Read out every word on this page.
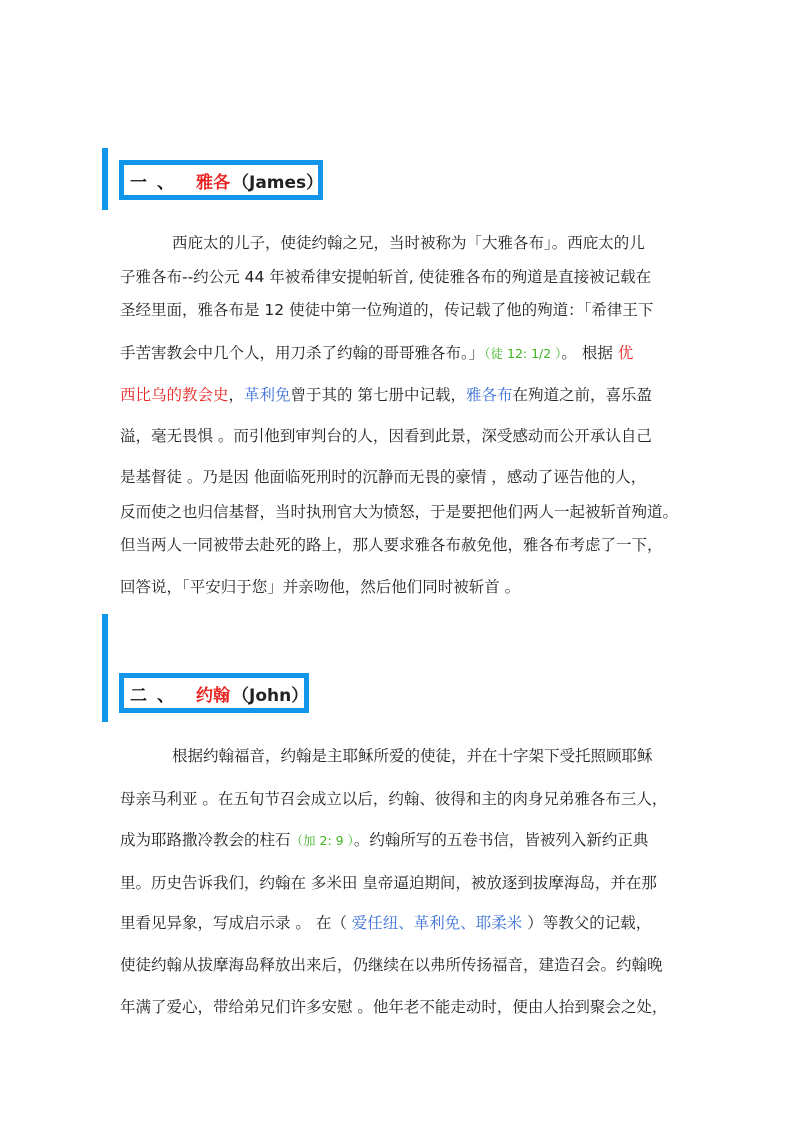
一 、 雅各 （James）
西庇太的儿子，使徒约翰之兄，当时被称为「大雅各布」。西庇太的儿
子雅各布--约公元 44 年被希律安提帕斩首, 使徒雅各布的殉道是直接被记载在
圣经里面，雅各布是 12 使徒中第一位殉道的，传记载了他的殉道：「希律王下
手苦害教会中几个人，用刀杀了约翰的哥哥雅各布。」（徒 12: 1/2 ）。 根据 优
西比乌的教会史，革利免曾于其的 第七册中记载，雅各布在殉道之前，喜乐盈
溢，毫无畏惧 。而引他到审判台的人，因看到此景，深受感动而公开承认自己
是基督徒 。乃是因 他面临死刑时的沉静而无畏的豪情 ，感动了诬告他的人，
反而使之也归信基督，当时执刑官大为愤怒，于是要把他们两人一起被斩首殉道。
但当两人一同被带去赴死的路上，那人要求雅各布赦免他，雅各布考虑了一下，
回答说，「平安归于您」并亲吻他，然后他们同时被斩首 。
二 、 约翰 （John）
根据约翰福音，约翰是主耶稣所爱的使徒，并在十字架下受托照顾耶稣
母亲马利亚 。在五旬节召会成立以后，约翰、彼得和主的肉身兄弟雅各布三人，
成为耶路撒冷教会的柱石（加 2: 9 ）。约翰所写的五卷书信，皆被列入新约正典
里。历史告诉我们，约翰在 多米田 皇帝逼迫期间，被放逐到拔摩海岛，并在那
里看见异象，写成启示录 。 在（ 爱任纽、革利免、耶柔米 ）等教父的记载，
使徒约翰从拔摩海岛释放出来后，仍继续在以弗所传扬福音，建造召会。约翰晚
年满了爱心，带给弟兄们许多安慰 。他年老不能走动时，便由人抬到聚会之处，
